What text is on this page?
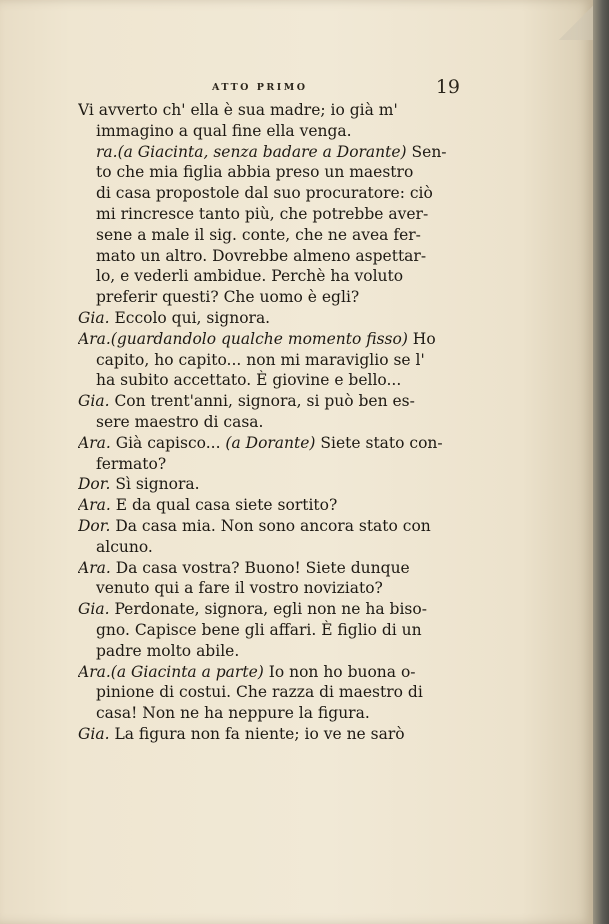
ATTO PRIMO	19
Vi avverto ch' ella è sua madre; io già m'
immagino a qual fine ella venga.
ra.(a Giacinta, senza badare a Dorante) Sen-
to che mia figlia abbia preso un maestro
di casa propostole dal suo procuratore: ciò
mi rincresce tanto più, che potrebbe aver-
sene a male il sig. conte, che ne avea fer-
mato un altro. Dovrebbe almeno aspettar-
lo, e vederli ambidue. Perchè ha voluto
preferir questi? Che uomo è egli?
Gia. Eccolo qui, signora.
Ara.(guardandolo qualche momento fisso) Ho
capito, ho capito... non mi maraviglio se l'
ha subito accettato. È giovine e bello...
Gia. Con trent'anni, signora, si può ben es-
sere maestro di casa.
Ara. Già capisco... (a Dorante) Siete stato con-
fermato?
Dor. Sì signora.
Ara. E da qual casa siete sortito?
Dor. Da casa mia. Non sono ancora stato con
alcuno.
Ara. Da casa vostra? Buono! Siete dunque
venuto qui a fare il vostro noviziato?
Gia. Perdonate, signora, egli non ne ha biso-
gno. Capisce bene gli affari. È figlio di un
padre molto abile.
Ara.(a Giacinta a parte) Io non ho buona o-
pinione di costui. Che razza di maestro di
casa! Non ne ha neppure la figura.
Gia. La figura non fa niente; io ve ne sarò
